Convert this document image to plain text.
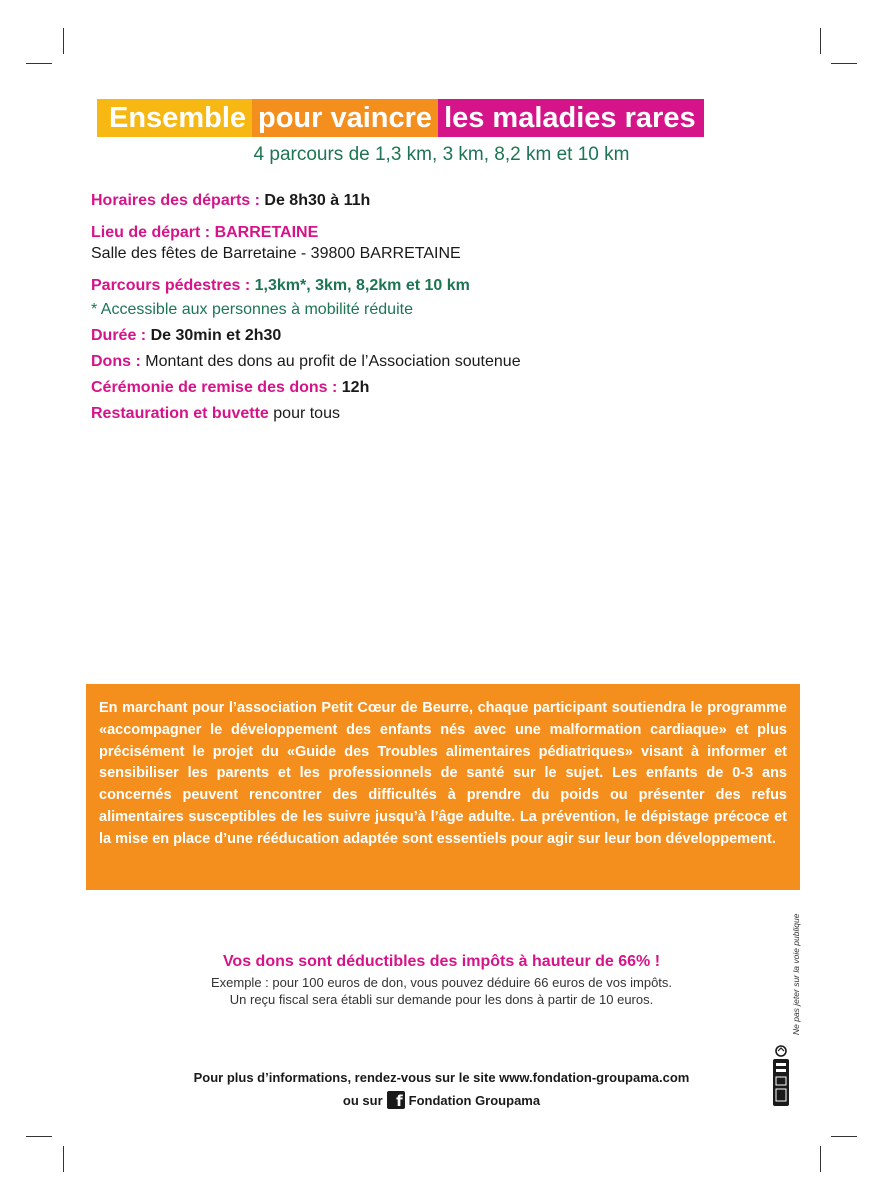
Ensemble pour vaincre les maladies rares
4 parcours de 1,3 km, 3 km, 8,2 km et 10 km

Horaires des départs : De 8h30 à 11h

Lieu de départ : BARRETAINE

Salle des fêtes de Barretaine - 39800 BARRETAINE

Parcours pédestres : 1,3km*, 3km, 8,2km et 10 km

* Accessible aux personnes à mobilité réduite

Durée : De 30min et 2h30

Dons : Montant des dons au profit de l’Association soutenue

Cérémonie de remise des dons : 12h

Restauration et buvette pour tous

En marchant pour l’association Petit Cœur de Beurre, chaque participant soutiendra le programme «accompagner le développement des enfants nés avec une malformation cardiaque» et plus précisément le projet du «Guide des Troubles alimentaires pédiatriques» visant à informer et sensibiliser les parents et les professionnels de santé sur le sujet. Les enfants de 0-3 ans concernés peuvent rencontrer des difficultés à prendre du poids ou présenter des refus alimentaires susceptibles de les suivre jusqu’à l’âge adulte. La prévention, le dépistage précoce et la mise en place d’une rééducation adaptée sont essentiels pour agir sur leur bon développement.

Vos dons sont déductibles des impôts à hauteur de 66% !
Exemple : pour 100 euros de don, vous pouvez déduire 66 euros de vos impôts.
Un reçu fiscal sera établi sur demande pour les dons à partir de 10 euros.
Pour plus d’informations, rendez-vous sur le site www.fondation-groupama.com
ou sur f Fondation Groupama
Ne pas jeter sur la voie publique
